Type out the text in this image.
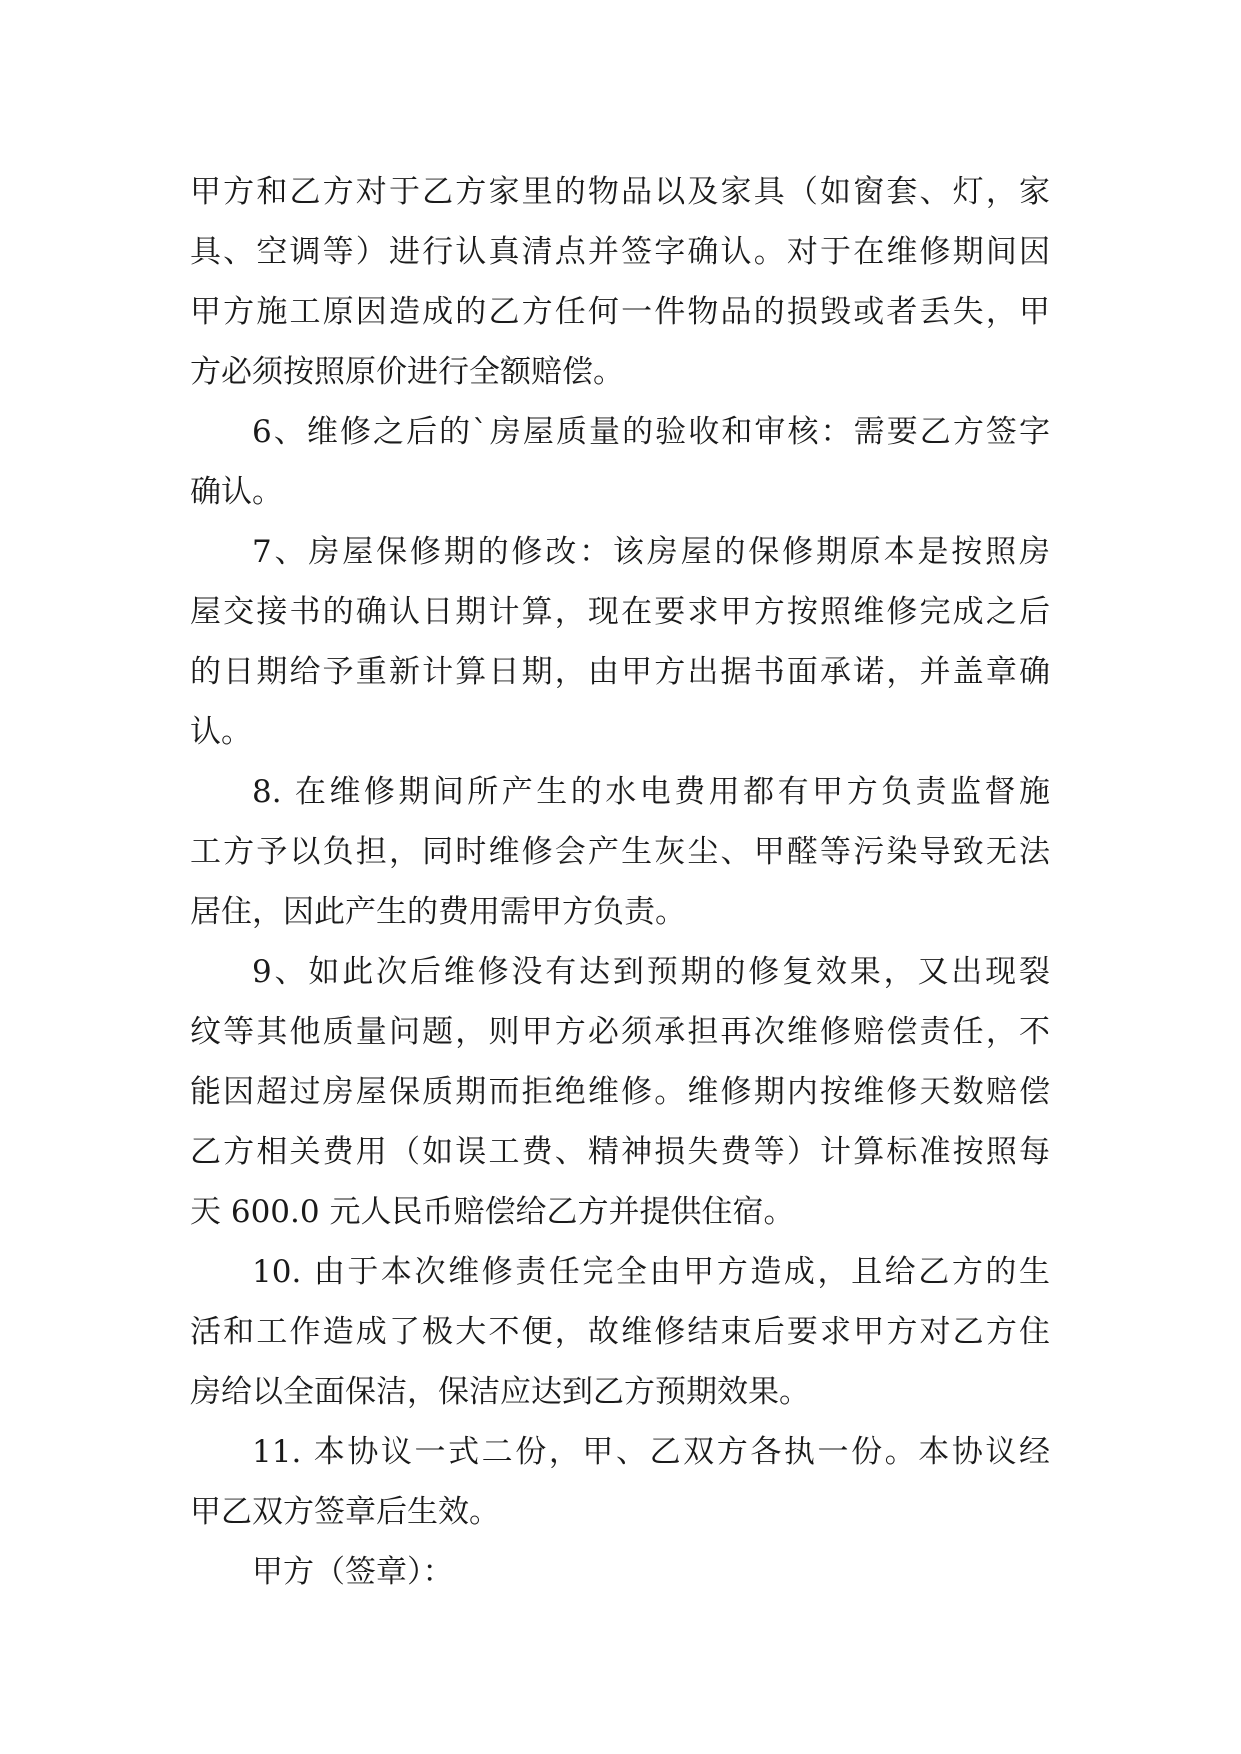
甲方和乙方对于乙方家里的物品以及家具（如窗套、灯，家
具、空调等）进行认真清点并签字确认。对于在维修期间因
甲方施工原因造成的乙方任何一件物品的损毁或者丢失，甲
方必须按照原价进行全额赔偿。
6、维修之后的`房屋质量的验收和审核：需要乙方签字
确认。
7、房屋保修期的修改：该房屋的保修期原本是按照房
屋交接书的确认日期计算，现在要求甲方按照维修完成之后
的日期给予重新计算日期，由甲方出据书面承诺，并盖章确
认。
8. 在维修期间所产生的水电费用都有甲方负责监督施
工方予以负担，同时维修会产生灰尘、甲醛等污染导致无法
居住，因此产生的费用需甲方负责。
9、如此次后维修没有达到预期的修复效果，又出现裂
纹等其他质量问题，则甲方必须承担再次维修赔偿责任，不
能因超过房屋保质期而拒绝维修。维修期内按维修天数赔偿
乙方相关费用（如误工费、精神损失费等）计算标准按照每
天 600.0 元人民币赔偿给乙方并提供住宿。
10. 由于本次维修责任完全由甲方造成，且给乙方的生
活和工作造成了极大不便，故维修结束后要求甲方对乙方住
房给以全面保洁，保洁应达到乙方预期效果。
11. 本协议一式二份，甲、乙双方各执一份。本协议经
甲乙双方签章后生效。
甲方（签章）：
